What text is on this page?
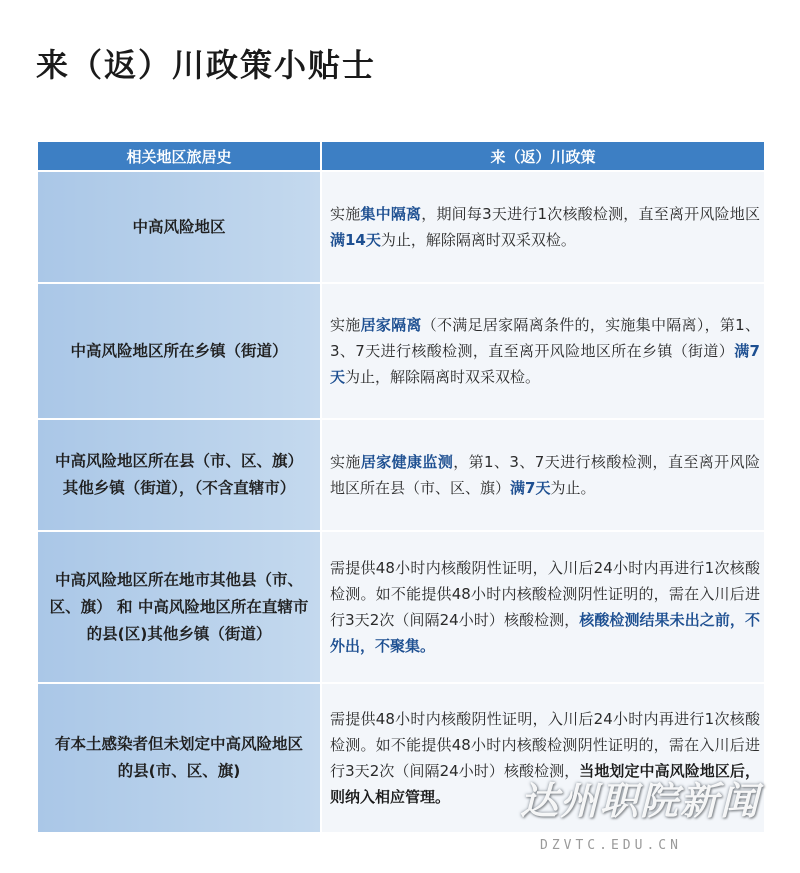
来（返）川政策小贴士
相关地区旅居史	来（返）川政策
中高风险地区	实施集中隔离，期间每3天进行1次核酸检测，直至离开风险地区满14天为止，解除隔离时双采双检。
中高风险地区所在乡镇（街道）	实施居家隔离（不满足居家隔离条件的，实施集中隔离），第1、3、7天进行核酸检测，直至离开风险地区所在乡镇（街道）满7天为止，解除隔离时双采双检。
中高风险地区所在县（市、区、旗）其他乡镇（街道），（不含直辖市）	实施居家健康监测，第1、3、7天进行核酸检测，直至离开风险地区所在县（市、区、旗）满7天为止。
中高风险地区所在地市其他县（市、区、旗） 和 中高风险地区所在直辖市的县(区)其他乡镇（街道）	需提供48小时内核酸阴性证明，入川后24小时内再进行1次核酸检测。如不能提供48小时内核酸检测阴性证明的，需在入川后进行3天2次（间隔24小时）核酸检测，核酸检测结果未出之前，不外出，不聚集。
有本土感染者但未划定中高风险地区的县(市、区、旗)	需提供48小时内核酸阴性证明，入川后24小时内再进行1次核酸检测。如不能提供48小时内核酸检测阴性证明的，需在入川后进行3天2次（间隔24小时）核酸检测，当地划定中高风险地区后，则纳入相应管理。 达州职院新闻
DZVTC.EDU.CN
